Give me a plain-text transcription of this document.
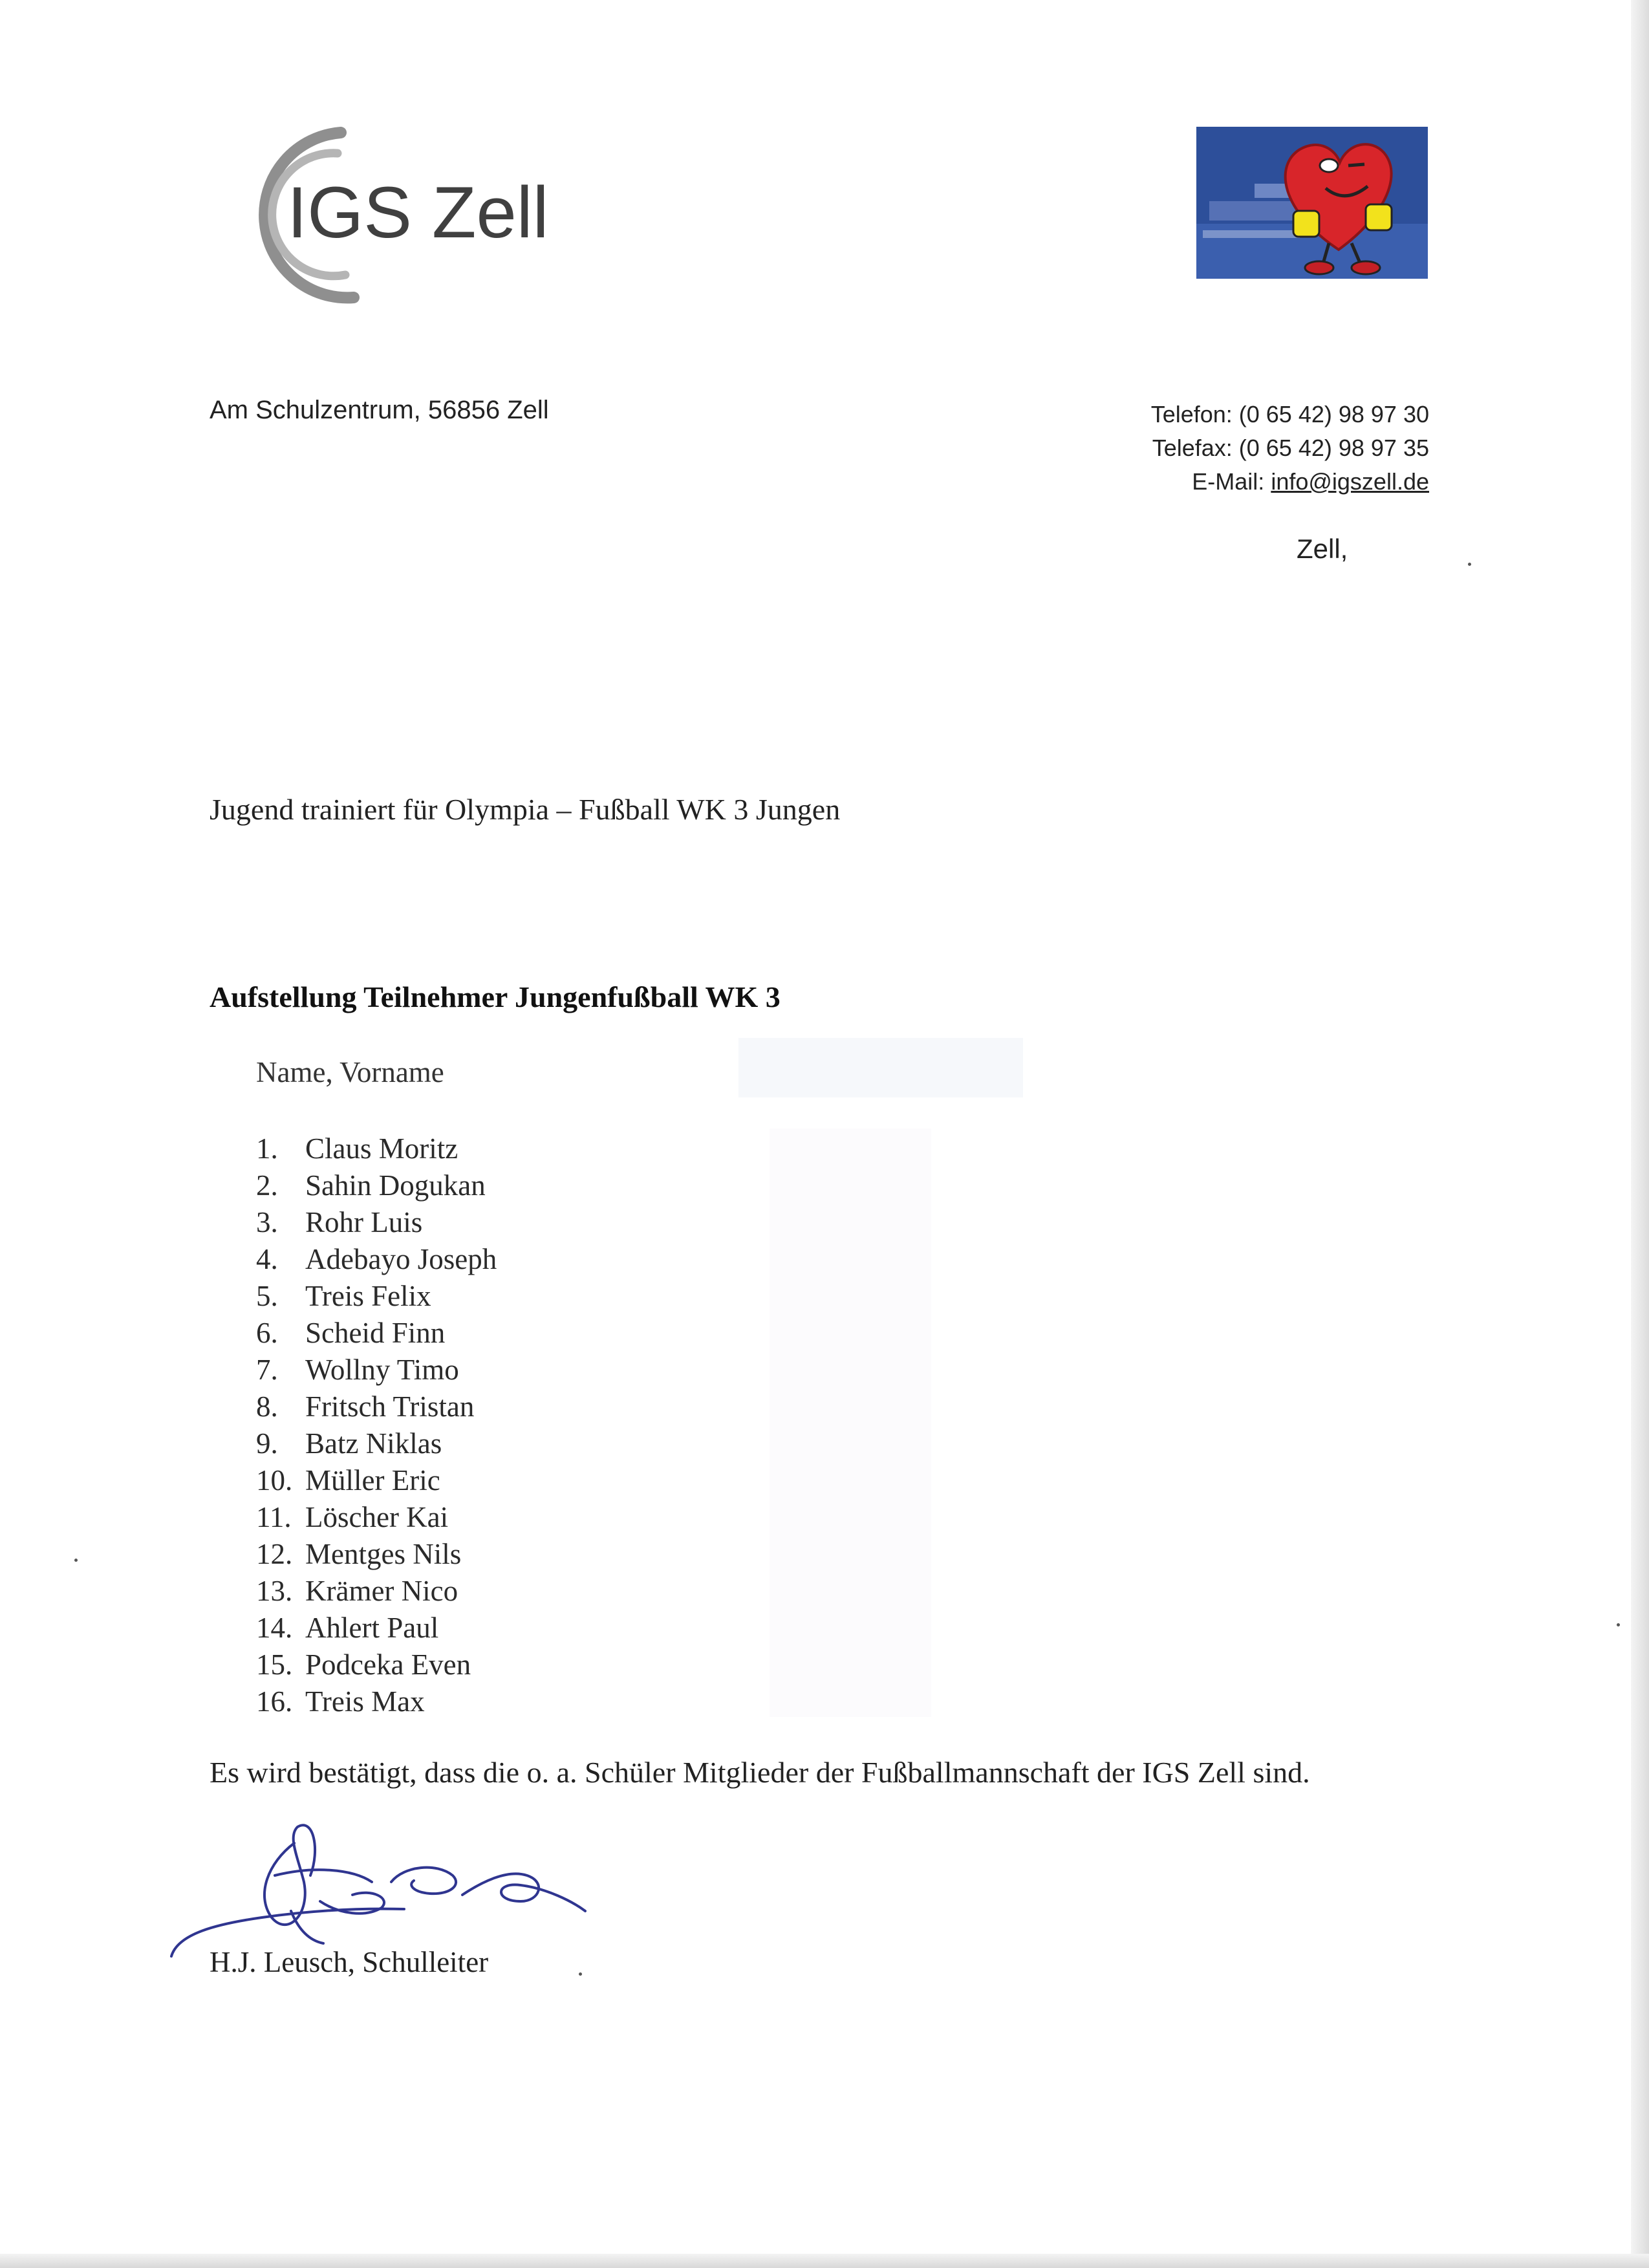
IGS Zell
Am Schulzentrum, 56856 Zell	Telefon: (0 65 42) 98 97 30
Telefax: (0 65 42) 98 97 35
E-Mail: info@igszell.de
Zell,
Jugend trainiert für Olympia – Fußball WK 3 Jungen
Aufstellung Teilnehmer Jungenfußball WK 3
Name, Vorname
1. Claus Moritz
2. Sahin Dogukan
3. Rohr Luis
4. Adebayo Joseph
5. Treis Felix
6. Scheid Finn
7. Wollny Timo
8. Fritsch Tristan
9. Batz Niklas
10. Müller Eric
11. Löscher Kai
12. Mentges Nils
13. Krämer Nico
14. Ahlert Paul
15. Podceka Even
16. Treis Max
Es wird bestätigt, dass die o. a. Schüler Mitglieder der Fußballmannschaft der IGS Zell sind.
H.J. Leusch, Schulleiter
